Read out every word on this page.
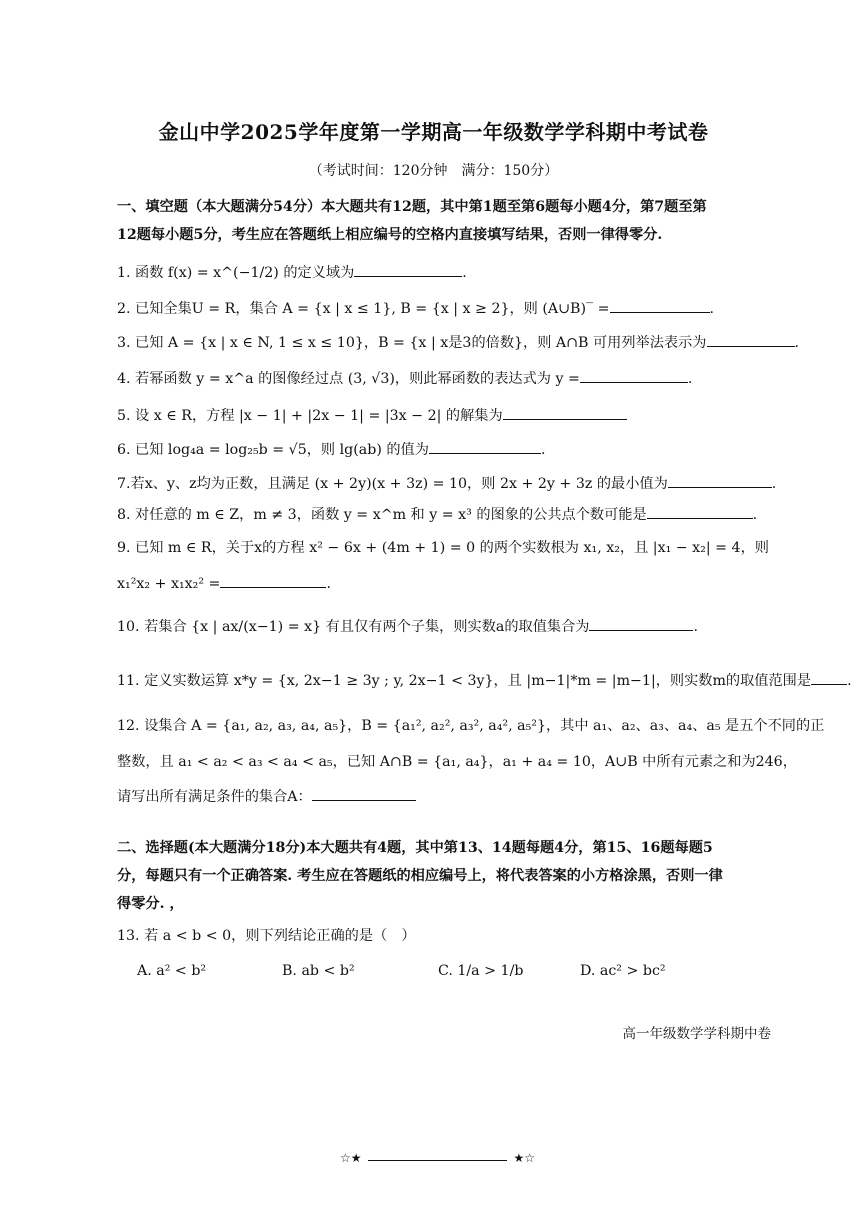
金山中学2025学年度第一学期高一年级数学学科期中考试卷
（考试时间：120分钟　满分：150分）
一、填空题（本大题满分54分）本大题共有12题，其中第1题至第6题每小题4分，第7题至第
12题每小题5分，考生应在答题纸上相应编号的空格内直接填写结果，否则一律得零分.
1. 函数 f(x) = x^(−1/2) 的定义域为	.
2. 已知全集U = R，集合 A = {x | x ≤ 1}, B = {x | x ≥ 2}，则 (A∪B)‾ =	.
3. 已知 A = {x | x ∈ N, 1 ≤ x ≤ 10}，B = {x | x是3的倍数}，则 A∩B 可用列举法表示为	.
4. 若幂函数 y = x^a 的图像经过点 (3, √3)，则此幂函数的表达式为 y =	.
5. 设 x ∈ R，方程 |x − 1| + |2x − 1| = |3x − 2| 的解集为
6. 已知 log₄a = log₂₅b = √5，则 lg(ab) 的值为	.
7.若x、y、z均为正数，且满足 (x + 2y)(x + 3z) = 10，则 2x + 2y + 3z 的最小值为	.
8. 对任意的 m ∈ Z，m ≠ 3，函数 y = x^m 和 y = x³ 的图象的公共点个数可能是	.
9. 已知 m ∈ R，关于x的方程 x² − 6x + (4m + 1) = 0 的两个实数根为 x₁, x₂，且 |x₁ − x₂| = 4，则
x₁²x₂ + x₁x₂² =	.
10. 若集合 {x | ax/(x−1) = x} 有且仅有两个子集，则实数a的取值集合为	.
11. 定义实数运算 x*y = {x, 2x−1 ≥ 3y ; y, 2x−1 < 3y}，且 |m−1|*m = |m−1|，则实数m的取值范围是	.
12. 设集合 A = {a₁, a₂, a₃, a₄, a₅}，B = {a₁², a₂², a₃², a₄², a₅²}，其中 a₁、a₂、a₃、a₄、a₅ 是五个不同的正
整数，且 a₁ < a₂ < a₃ < a₄ < a₅，已知 A∩B = {a₁, a₄}，a₁ + a₄ = 10，A∪B 中所有元素之和为246，
请写出所有满足条件的集合A：
二、选择题(本大题满分18分)本大题共有4题，其中第13、14题每题4分，第15、16题每题5
分，每题只有一个正确答案. 考生应在答题纸的相应编号上，将代表答案的小方格涂黑，否则一律
得零分. ，
13. 若 a < b < 0，则下列结论正确的是（　）
A. a² < b²	B. ab < b²	C. 1/a > 1/b	D. ac² > bc²
高一年级数学学科期中卷
☆★	★☆
